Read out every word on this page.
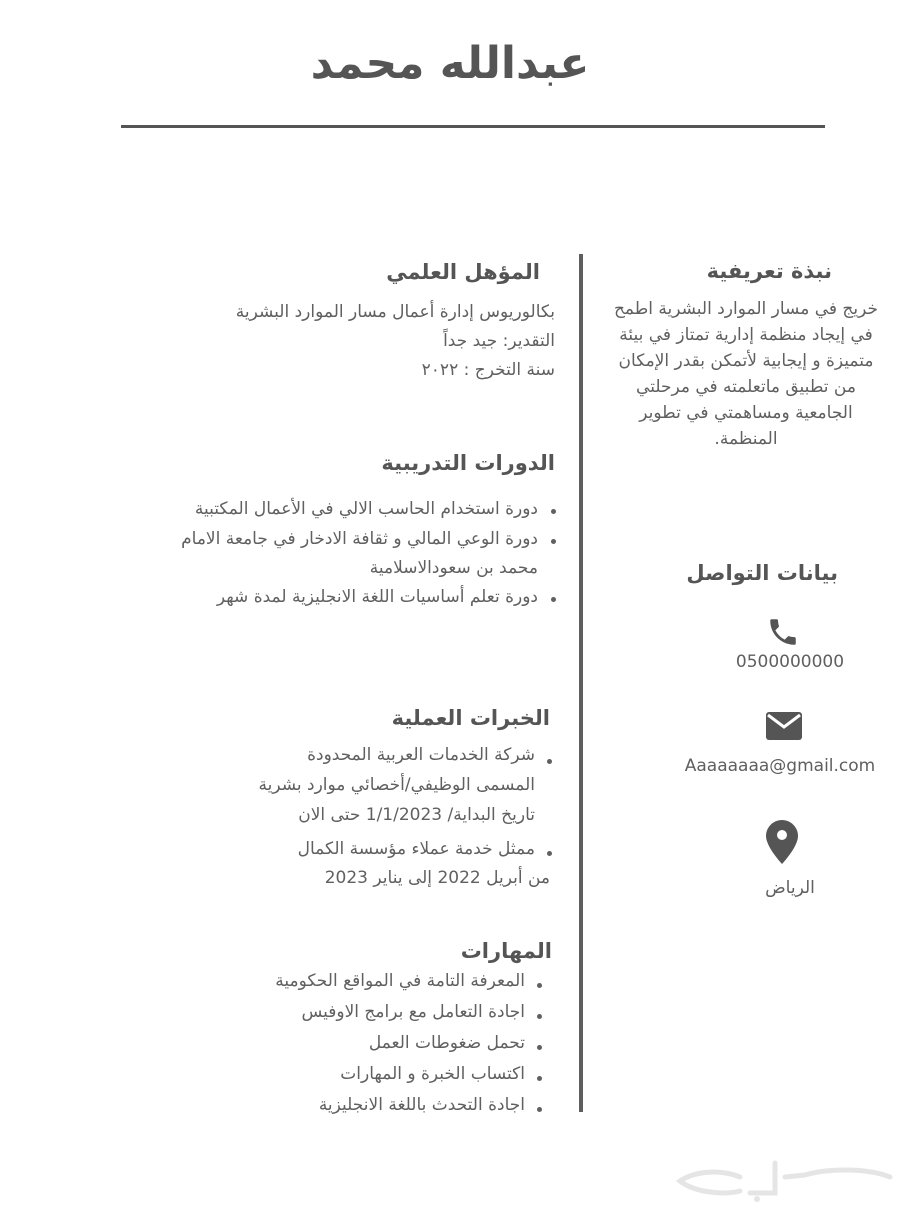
عبدالله محمد
نبذة تعريفية
خريج في مسار الموارد البشرية اطمح
في إيجاد منظمة إدارية تمتاز في بيئة
متميزة و إيجابية لأتمكن بقدر الإمكان
من تطبيق ماتعلمته في مرحلتي
الجامعية ومساهمتي في تطوير
المنظمة.
بيانات التواصل
0500000000
Aaaaaaaa@gmail.com
الرياض
المؤهل العلمي
بكالوريوس إدارة أعمال مسار الموارد البشرية
التقدير: جيد جداً
سنة التخرج : ٢٠٢٢
الدورات التدريبية
دورة استخدام الحاسب الالي في الأعمال المكتبية
دورة الوعي المالي و ثقافة الادخار في جامعة الامام
محمد بن سعودالاسلامية
دورة تعلم أساسيات اللغة الانجليزية لمدة شهر
الخبرات العملية
شركة الخدمات العربية المحدودة
المسمى الوظيفي/أخصائي موارد بشرية
تاريخ البداية/ 1/1/2023 حتى الان
ممثل خدمة عملاء مؤسسة الكمال
من أبريل 2022 إلى يناير 2023
المهارات
المعرفة التامة في المواقع الحكومية
اجادة التعامل مع برامج الاوفيس
تحمل ضغوطات العمل
اكتساب الخبرة و المهارات
اجادة التحدث باللغة الانجليزية
